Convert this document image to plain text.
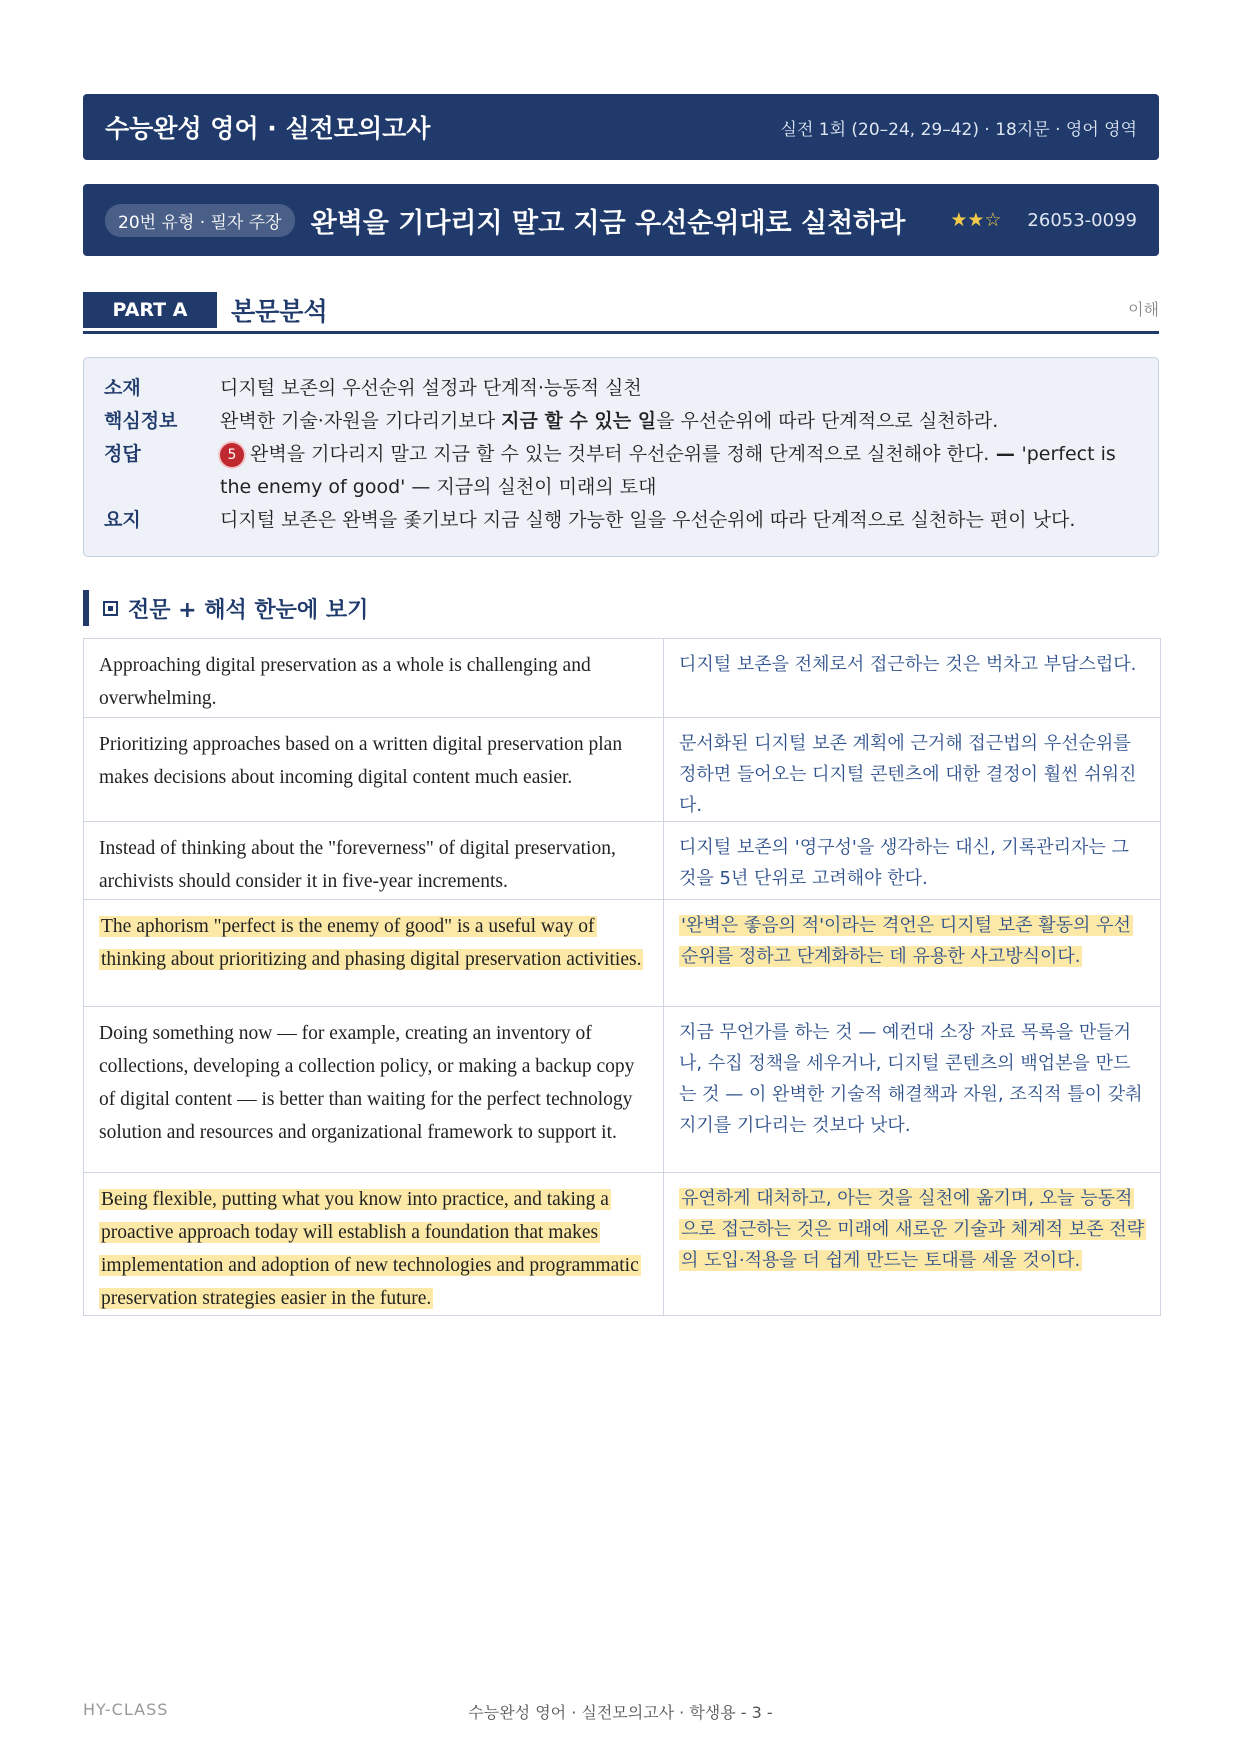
수능완성 영어 · 실전모의고사	실전 1회 (20–24, 29–42) · 18지문 · 영어 영역
20번 유형 · 필자 주장	완벽을 기다리지 말고 지금 우선순위대로 실천하라	★★☆ 26053-0099
PART A	본문분석	이해
소재	디지털 보존의 우선순위 설정과 단계적·능동적 실천
핵심정보	완벽한 기술·자원을 기다리기보다 지금 할 수 있는 일을 우선순위에 따라 단계적으로 실천하라.
정답	5 완벽을 기다리지 말고 지금 할 수 있는 것부터 우선순위를 정해 단계적으로 실천해야 한다. — 'perfect is the enemy of good' — 지금의 실천이 미래의 토대
요지	디지털 보존은 완벽을 좇기보다 지금 실행 가능한 일을 우선순위에 따라 단계적으로 실천하는 편이 낫다.
전문 + 해석 한눈에 보기
Approaching digital preservation as a whole is challenging and overwhelming.	디지털 보존을 전체로서 접근하는 것은 벅차고 부담스럽다.
Prioritizing approaches based on a written digital preservation plan makes decisions about incoming digital content much easier.	문서화된 디지털 보존 계획에 근거해 접근법의 우선순위를 정하면 들어오는 디지털 콘텐츠에 대한 결정이 훨씬 쉬워진다.
Instead of thinking about the "foreverness" of digital preservation, archivists should consider it in five-year increments.	디지털 보존의 '영구성'을 생각하는 대신, 기록관리자는 그것을 5년 단위로 고려해야 한다.
The aphorism "perfect is the enemy of good" is a useful way of thinking about prioritizing and phasing digital preservation activities.	'완벽은 좋음의 적'이라는 격언은 디지털 보존 활동의 우선순위를 정하고 단계화하는 데 유용한 사고방식이다.
Doing something now — for example, creating an inventory of collections, developing a collection policy, or making a backup copy of digital content — is better than waiting for the perfect technology solution and resources and organizational framework to support it.	지금 무언가를 하는 것 — 예컨대 소장 자료 목록을 만들거나, 수집 정책을 세우거나, 디지털 콘텐츠의 백업본을 만드는 것 — 이 완벽한 기술적 해결책과 자원, 조직적 틀이 갖춰지기를 기다리는 것보다 낫다.
Being flexible, putting what you know into practice, and taking a proactive approach today will establish a foundation that makes implementation and adoption of new technologies and programmatic preservation strategies easier in the future.	유연하게 대처하고, 아는 것을 실천에 옮기며, 오늘 능동적으로 접근하는 것은 미래에 새로운 기술과 체계적 보존 전략의 도입·적용을 더 쉽게 만드는 토대를 세울 것이다.
HY-CLASS	수능완성 영어 · 실전모의고사 · 학생용 - 3 -
